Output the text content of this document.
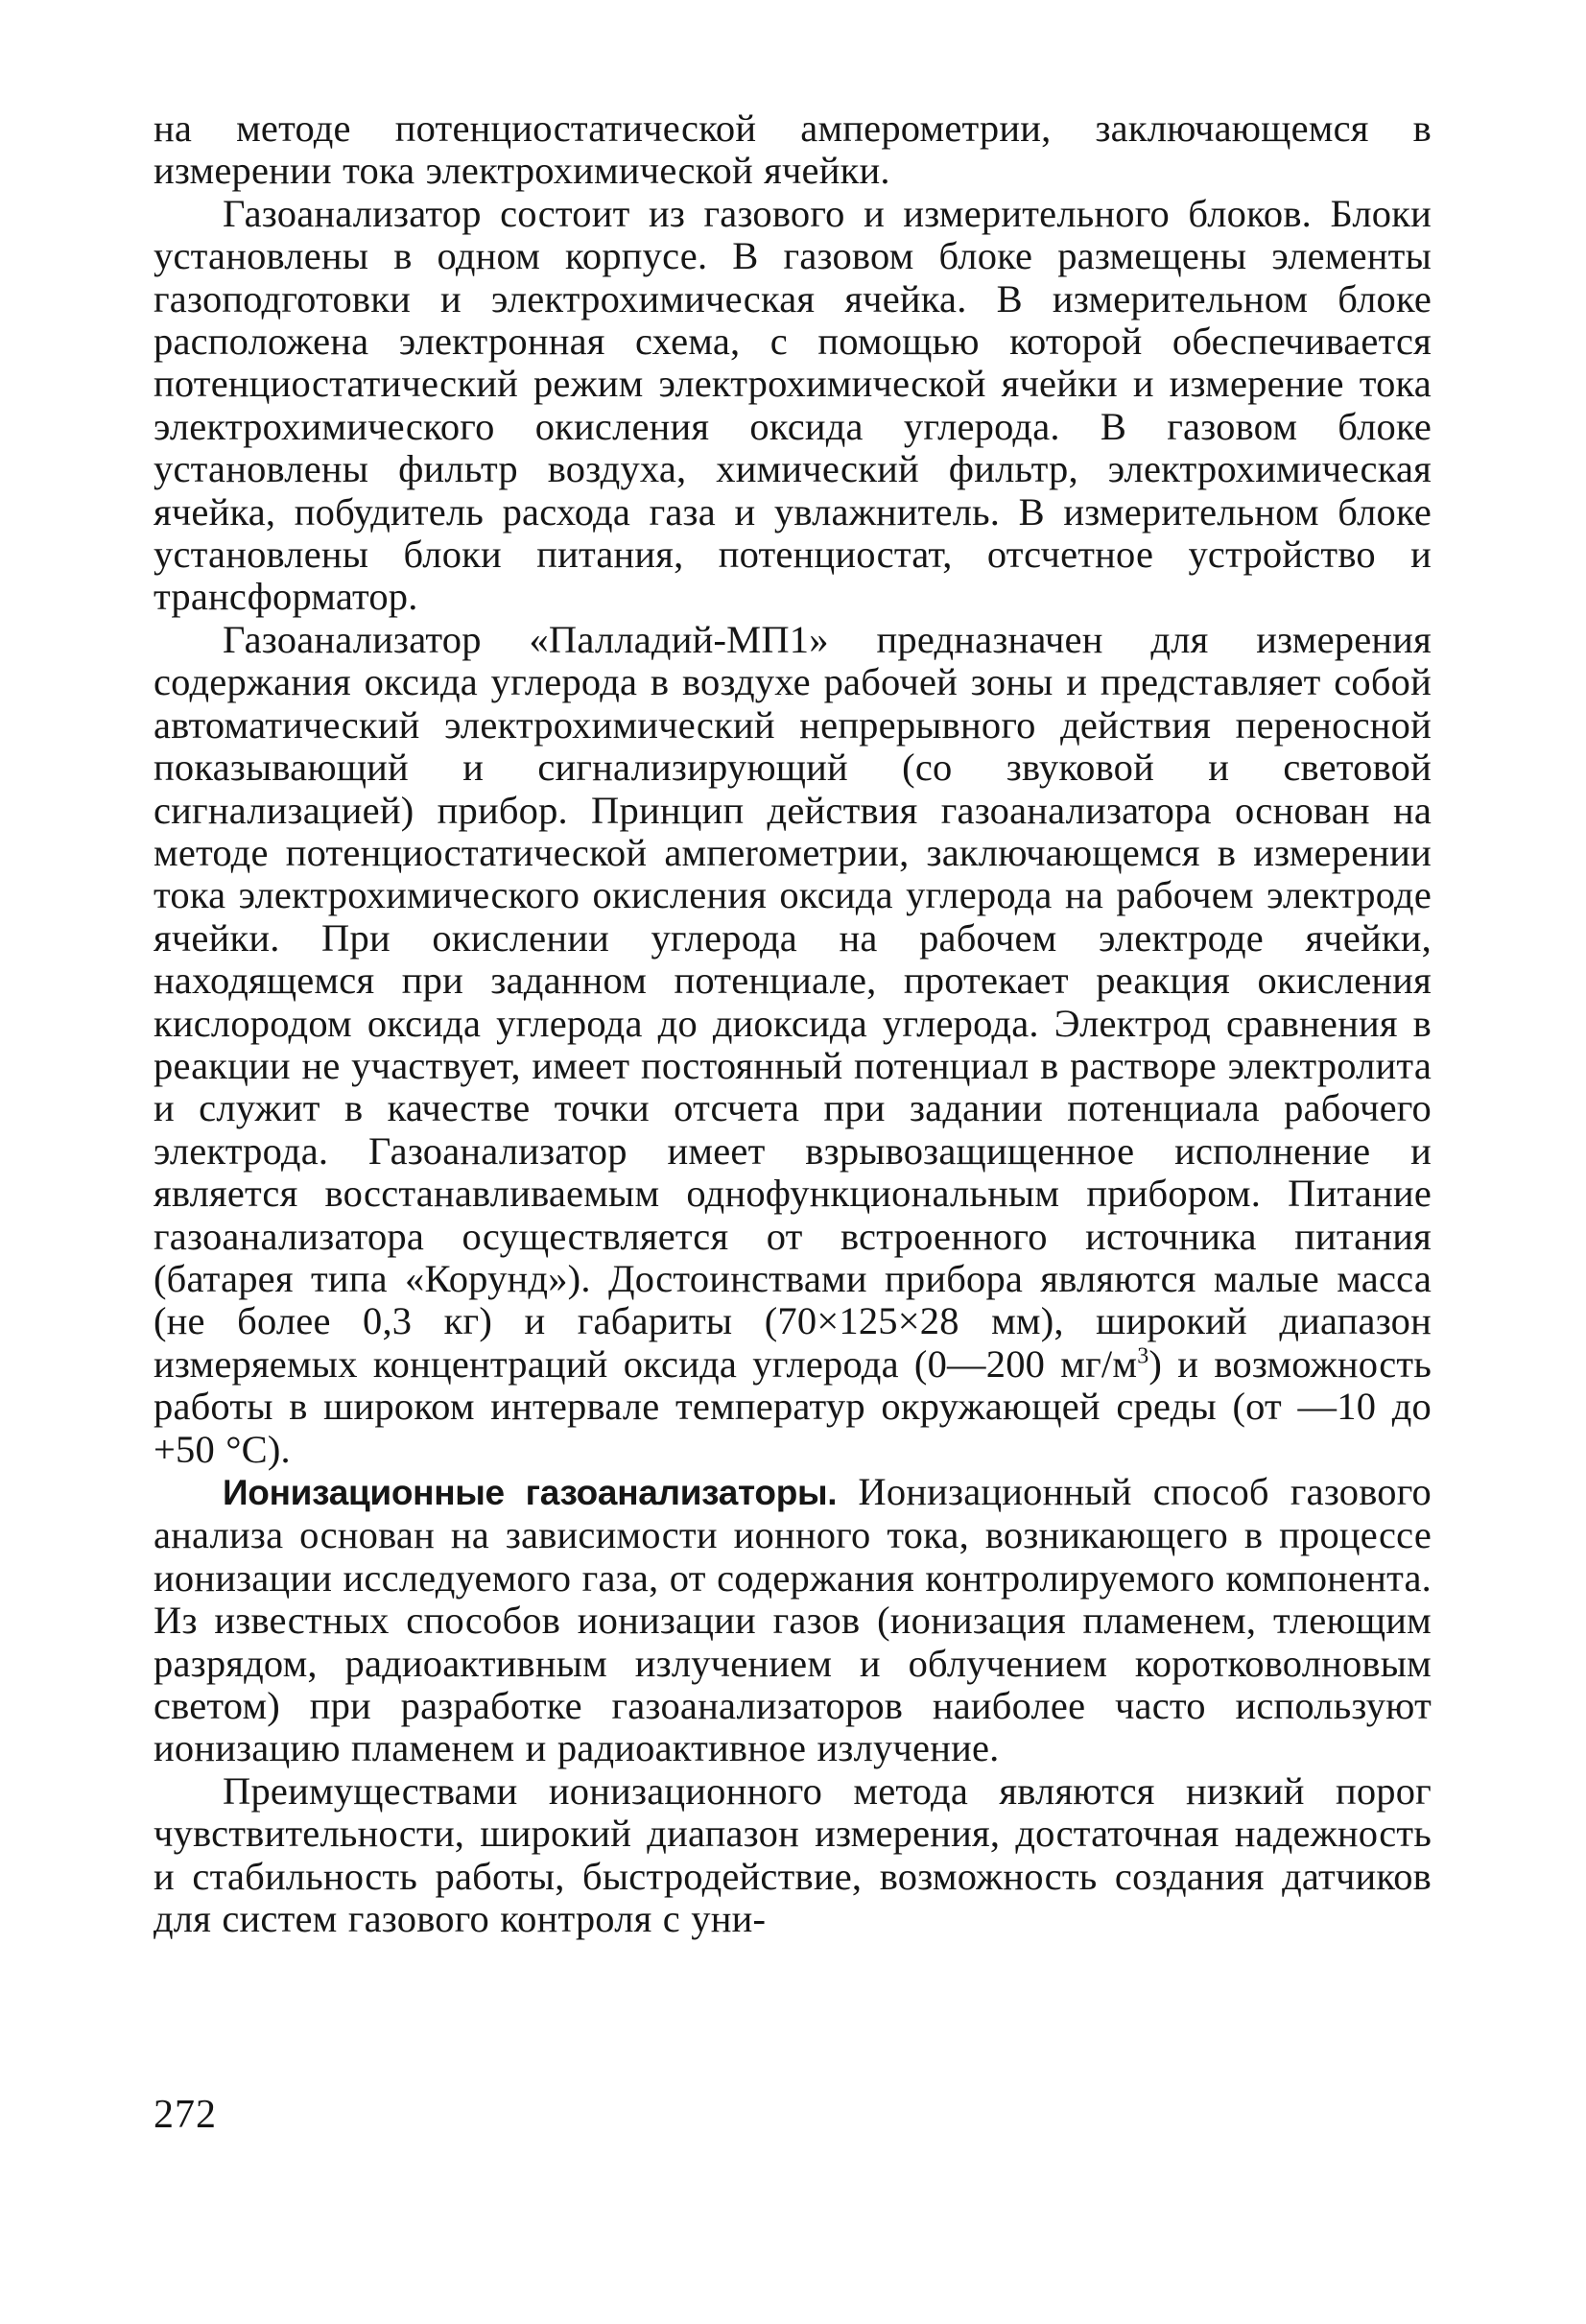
на методе потенциостатической амперометрии, заключающемся в измерении тока электрохимической ячейки.

Газоанализатор состоит из газового и измерительного блоков. Блоки установлены в одном корпусе. В газовом блоке размещены элементы газоподготовки и электрохимическая ячейка. В измерительном блоке расположена электронная схема, с помощью которой обеспечивается потенциостатический режим электрохимической ячейки и измерение тока электрохимического окисления оксида углерода. В газовом блоке установлены фильтр воздуха, химический фильтр, электрохимическая ячейка, побудитель расхода газа и увлажнитель. В измерительном блоке установлены блоки питания, потенциостат, отсчетное устройство и трансформатор.

Газоанализатор «Палладий-МП1» предназначен для измерения содержания оксида углерода в воздухе рабочей зоны и представляет собой автоматический электрохимический непрерывного действия переносной показывающий и сигнализирующий (со звуковой и световой сигнализацией) прибор. Принцип действия газоанализатора основан на методе потенциостатической ампeroметрии, заключающемся в измерении тока электрохимического окисления оксида углерода на рабочем электроде ячейки. При окислении углерода на рабочем электроде ячейки, находящемся при заданном потенциале, протекает реакция окисления кислородом оксида углерода до диоксида углерода. Электрод сравнения в реакции не участвует, имеет постоянный потенциал в растворе электролита и служит в качестве точки отсчета при задании потенциала рабочего электрода. Газоанализатор имеет взрывозащищенное исполнение и является восстанавливаемым однофункциональным прибором. Питание газоанализатора осуществляется от встроенного источника питания (батарея типа «Корунд»). Достоинствами прибора являются малые масса (не более 0,3 кг) и габариты (70×125×28 мм), широкий диапазон измеряемых концентраций оксида углерода (0—200 $мг/м^3$) и возможность работы в широком интервале температур окружающей среды (от —10 до +50 °С).

Ионизационные газоанализаторы. Ионизационный способ газового анализа основан на зависимости ионного тока, возникающего в процессе ионизации исследуемого газа, от содержания контролируемого компонента. Из известных способов ионизации газов (ионизация пламенем, тлеющим разрядом, радиоактивным излучением и облучением коротковолновым светом) при разработке газоанализаторов наиболее часто используют ионизацию пламенем и радиоактивное излучение.

Преимуществами ионизационного метода являются низкий порог чувствительности, широкий диапазон измерения, достаточная надежность и стабильность работы, быстродействие, возможность создания датчиков для систем газового контроля с уни-

272
